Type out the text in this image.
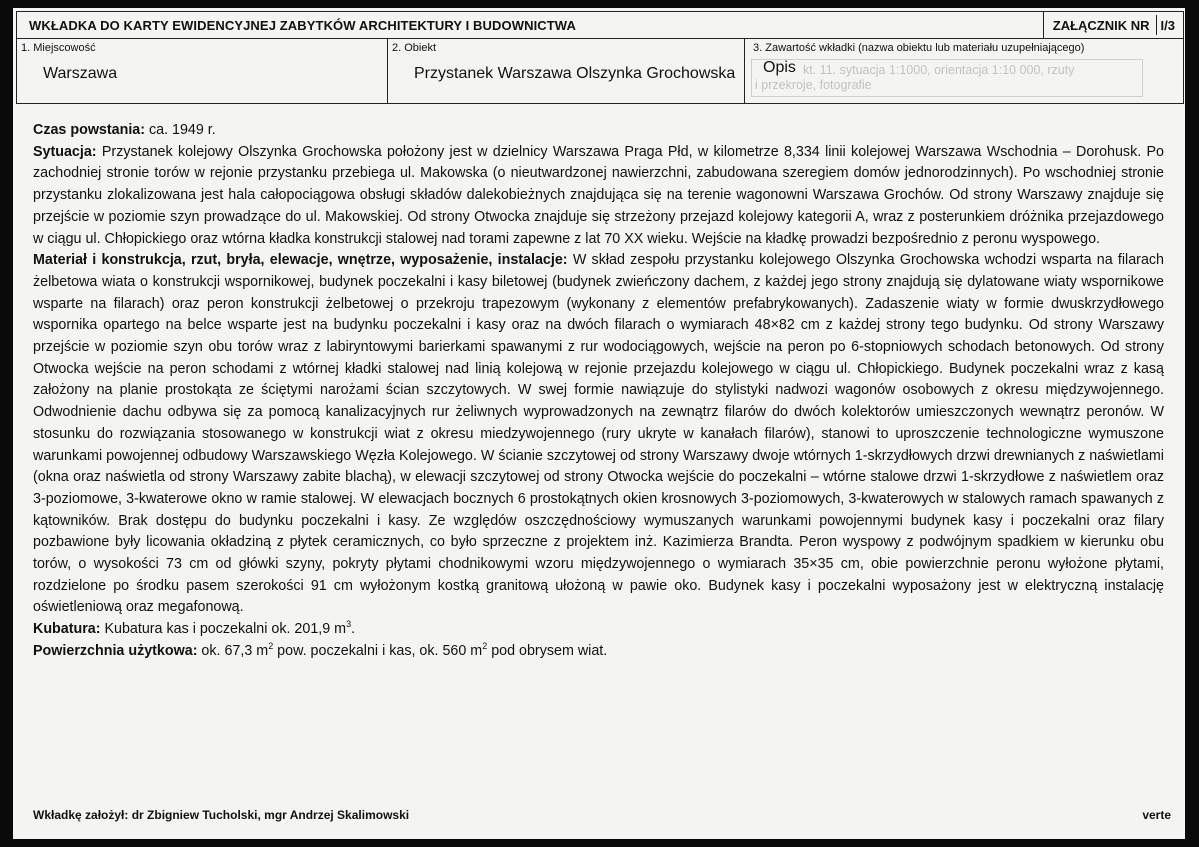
WKŁADKA DO KARTY EWIDENCYJNEJ ZABYTKÓW ARCHITEKTURY I BUDOWNICTWA	ZAŁĄCZNIK NR I/3
1. Miejscowość
Warszawa
2. Obiekt
Przystanek Warszawa Olszynka Grochowska
3. Zawartość wkładki (nazwa obiektu lub materiału uzupełniającego)
kt. 11. sytuacja 1:1000, orientacja 1:10 000, rzuty
i przekroje, fotografie
Opis

Czas powstania: ca. 1949 r.

Sytuacja: Przystanek kolejowy Olszynka Grochowska położony jest w dzielnicy Warszawa Praga Płd, w kilometrze 8,334 linii kolejowej Warszawa Wschodnia – Dorohusk. Po zachodniej stronie torów w rejonie przystanku przebiega ul. Makowska (o nieutwardzonej nawierzchni, zabudowana szeregiem domów jednorodzinnych). Po wschodniej stronie przystanku zlokalizowana jest hala całopociągowa obsługi składów dalekobieżnych znajdująca się na terenie wagonowni Warszawa Grochów. Od strony Warszawy znajduje się przejście w poziomie szyn prowadzące do ul. Makowskiej. Od strony Otwocka znajduje się strzeżony przejazd kolejowy kategorii A, wraz z posterunkiem dróżnika przejazdowego w ciągu ul. Chłopickiego oraz wtórna kładka konstrukcji stalowej nad torami zapewne z lat 70 XX wieku. Wejście na kładkę prowadzi bezpośrednio z peronu wyspowego.

Materiał i konstrukcja, rzut, bryła, elewacje, wnętrze, wyposażenie, instalacje: W skład zespołu przystanku kolejowego Olszynka Grochowska wchodzi wsparta na filarach żelbetowa wiata o konstrukcji wspornikowej, budynek poczekalni i kasy biletowej (budynek zwieńczony dachem, z każdej jego strony znajdują się dylatowane wiaty wspornikowe wsparte na filarach) oraz peron konstrukcji żelbetowej o przekroju trapezowym (wykonany z elementów prefabrykowanych). Zadaszenie wiaty w formie dwuskrzydłowego wspornika opartego na belce wsparte jest na budynku poczekalni i kasy oraz na dwóch filarach o wymiarach 48×82 cm z każdej strony tego budynku. Od strony Warszawy przejście w poziomie szyn obu torów wraz z labiryntowymi barierkami spawanymi z rur wodociągowych, wejście na peron po 6-stopniowych schodach betonowych. Od strony Otwocka wejście na peron schodami z wtórnej kładki stalowej nad linią kolejową w rejonie przejazdu kolejowego w ciągu ul. Chłopickiego. Budynek poczekalni wraz z kasą założony na planie prostokąta ze ściętymi narożami ścian szczytowych. W swej formie nawiązuje do stylistyki nadwozi wagonów osobowych z okresu międzywojennego. Odwodnienie dachu odbywa się za pomocą kanalizacyjnych rur żeliwnych wyprowadzonych na zewnątrz filarów do dwóch kolektorów umieszczonych wewnątrz peronów. W stosunku do rozwiązania stosowanego w konstrukcji wiat z okresu miedzywojennego (rury ukryte w kanałach filarów), stanowi to uproszczenie technologiczne wymuszone warunkami powojennej odbudowy Warszawskiego Węzła Kolejowego. W ścianie szczytowej od strony Warszawy dwoje wtórnych 1-skrzydłowych drzwi drewnianych z naświetlami (okna oraz naświetla od strony Warszawy zabite blachą), w elewacji szczytowej od strony Otwocka wejście do poczekalni – wtórne stalowe drzwi 1-skrzydłowe z naświetlem oraz 3-poziomowe, 3-kwaterowe okno w ramie stalowej. W elewacjach bocznych 6 prostokątnych okien krosnowych 3-poziomowych, 3-kwaterowych w stalowych ramach spawanych z kątowników. Brak dostępu do budynku poczekalni i kasy. Ze względów oszczędnościowy wymuszanych warunkami powojennymi budynek kasy i poczekalni oraz filary pozbawione były licowania okładziną z płytek ceramicznych, co było sprzeczne z projektem inż. Kazimierza Brandta. Peron wyspowy z podwójnym spadkiem w kierunku obu torów, o wysokości 73 cm od główki szyny, pokryty płytami chodnikowymi wzoru międzywojennego o wymiarach 35×35 cm, obie powierzchnie peronu wyłożone płytami, rozdzielone po środku pasem szerokości 91 cm wyłożonym kostką granitową ułożoną w pawie oko. Budynek kasy i poczekalni wyposażony jest w elektryczną instalację oświetleniową oraz megafonową.

Kubatura: Kubatura kas i poczekalni ok. 201,9 $m^3$.

Powierzchnia użytkowa: ok. 67,3 $m^2$ pow. poczekalni i kas, ok. 560 $m^2$ pod obrysem wiat.

Wkładkę założył: dr Zbigniew Tucholski, mgr Andrzej Skalimowski	verte
